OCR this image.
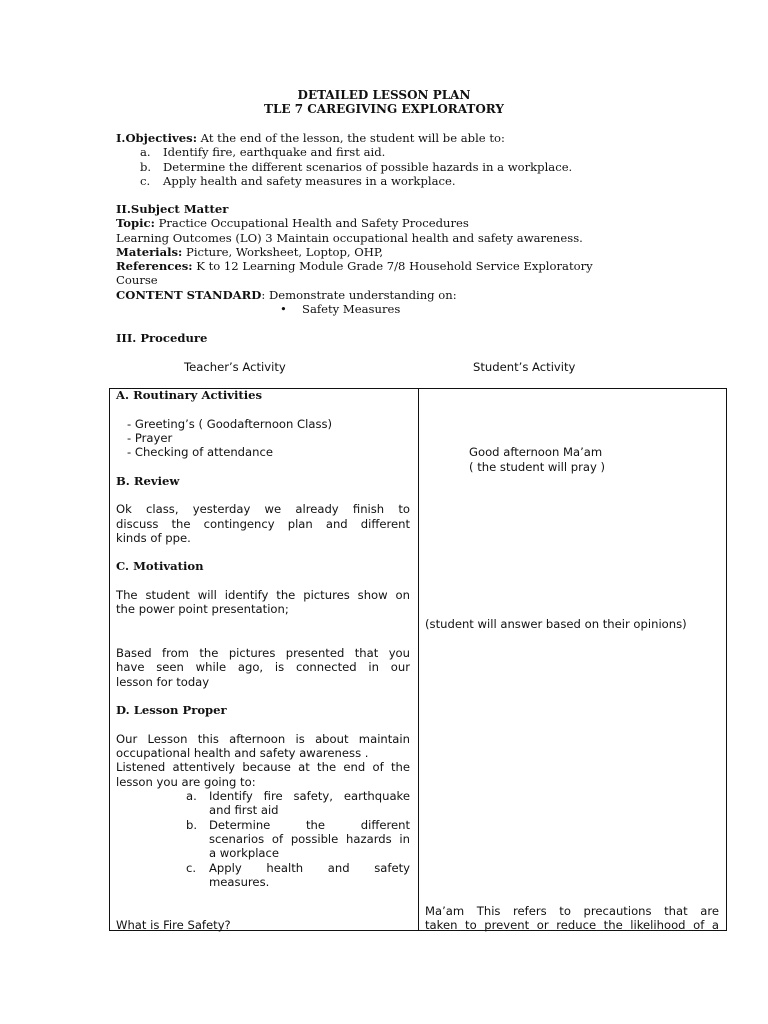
DETAILED LESSON PLAN
TLE 7 CAREGIVING EXPLORATORY
I.Objectives: At the end of the lesson, the student will be able to:
a. Identify fire, earthquake and first aid.
b. Determine the different scenarios of possible hazards in a workplace.
c. Apply health and safety measures in a workplace.
II.Subject Matter
Topic: Practice Occupational Health and Safety Procedures
Learning Outcomes (LO) 3 Maintain occupational health and safety awareness.
Materials: Picture, Worksheet, Loptop, OHP,
References: K to 12 Learning Module Grade 7/8 Household Service Exploratory
Course
CONTENT STANDARD: Demonstrate understanding on:
• Safety Measures
III. Procedure
Teacher’s Activity	Student’s Activity
A. Routinary Activities
- Greeting’s ( Goodafternoon Class)
- Prayer
- Checking of attendance
B. Review
Ok class, yesterday we already finish to
discuss the contingency plan and different
kinds of ppe.
C. Motivation
The student will identify the pictures show on
the power point presentation;
Based from the pictures presented that you
have seen while ago, is connected in our
lesson for today
D. Lesson Proper
Our Lesson this afternoon is about maintain
occupational health and safety awareness .
Listened attentively because at the end of the
lesson you are going to:
a. Identify fire safety, earthquake
and first aid
b. Determine the different
scenarios of possible hazards in
a workplace
c. Apply health and safety
measures.
What is Fire Safety?
Good afternoon Ma’am
( the student will pray )
(student will answer based on their opinions)
Ma’am This refers to precautions that are
taken to prevent or reduce the likelihood of a
